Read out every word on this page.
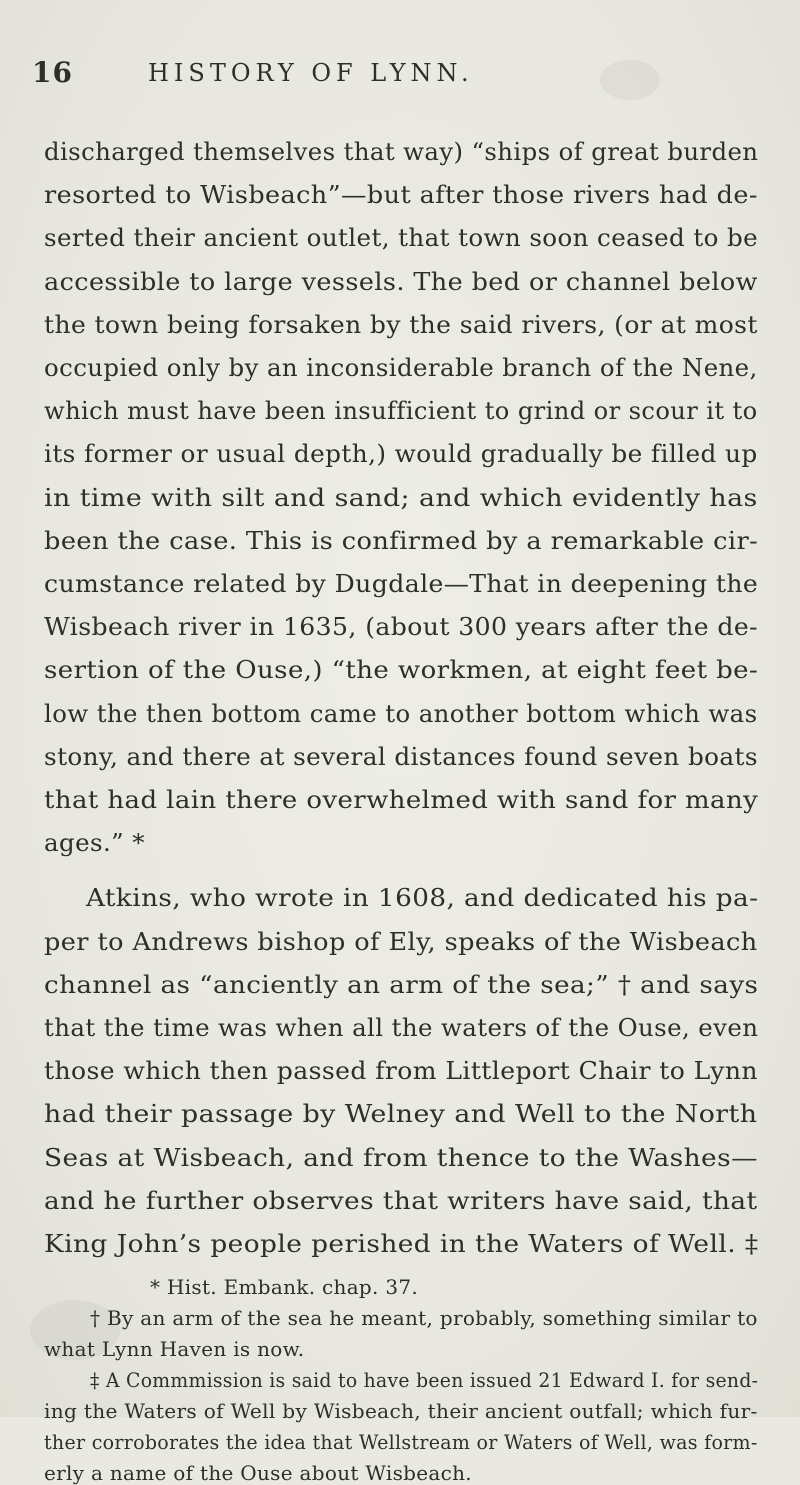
16	HISTORY OF LYNN.
discharged themselves that way) “ships of great burden
resorted to Wisbeach”—but after those rivers had de-
serted their ancient outlet, that town soon ceased to be
accessible to large vessels. The bed or channel below
the town being forsaken by the said rivers, (or at most
occupied only by an inconsiderable branch of the Nene,
which must have been insufficient to grind or scour it to
its former or usual depth,) would gradually be filled up
in time with silt and sand; and which evidently has
been the case. This is confirmed by a remarkable cir-
cumstance related by Dugdale—That in deepening the
Wisbeach river in 1635, (about 300 years after the de-
sertion of the Ouse,) “the workmen, at eight feet be-
low the then bottom came to another bottom which was
stony, and there at several distances found seven boats
that had lain there overwhelmed with sand for many
ages.” *
Atkins, who wrote in 1608, and dedicated his pa-
per to Andrews bishop of Ely, speaks of the Wisbeach
channel as “anciently an arm of the sea;” † and says
that the time was when all the waters of the Ouse, even
those which then passed from Littleport Chair to Lynn
had their passage by Welney and Well to the North
Seas at Wisbeach, and from thence to the Washes—
and he further observes that writers have said, that
King John’s people perished in the Waters of Well. ‡
* Hist. Embank. chap. 37.
† By an arm of the sea he meant, probably, something similar to
what Lynn Haven is now.
‡ A Commmission is said to have been issued 21 Edward I. for send-
ing the Waters of Well by Wisbeach, their ancient outfall; which fur-
ther corroborates the idea that Wellstream or Waters of Well, was form-
erly a name of the Ouse about Wisbeach.
